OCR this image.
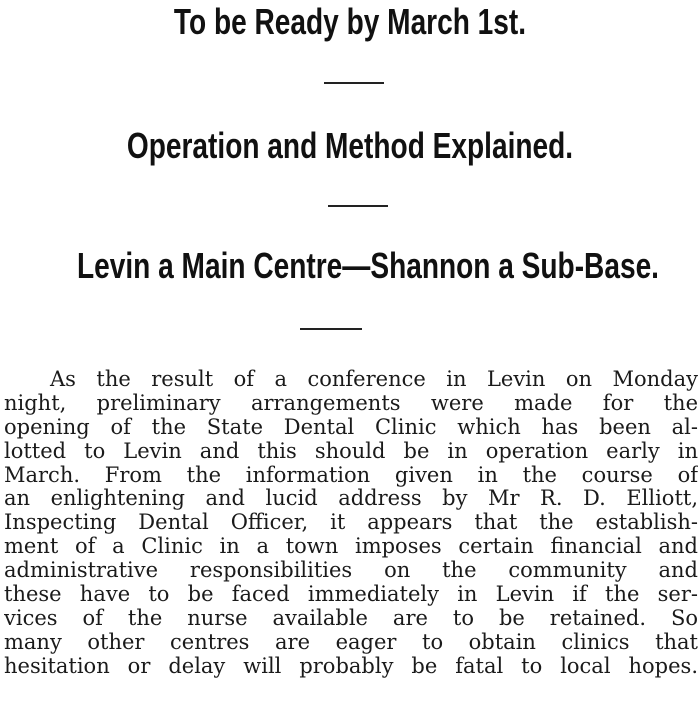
To be Ready by March 1st.
Operation and Method Explained.
Levin a Main Centre—Shannon a Sub-Base.
As the result of a conference in Levin on Monday
night, preliminary arrangements were made for the
opening of the State Dental Clinic which has been al-
lotted to Levin and this should be in operation early in
March. From the information given in the course of
an enlightening and lucid address by Mr R. D. Elliott,
Inspecting Dental Officer, it appears that the establish-
ment of a Clinic in a town imposes certain financial and
administrative responsibilities on the community and
these have to be faced immediately in Levin if the ser-
vices of the nurse available are to be retained. So
many other centres are eager to obtain clinics that
hesitation or delay will probably be fatal to local hopes.
